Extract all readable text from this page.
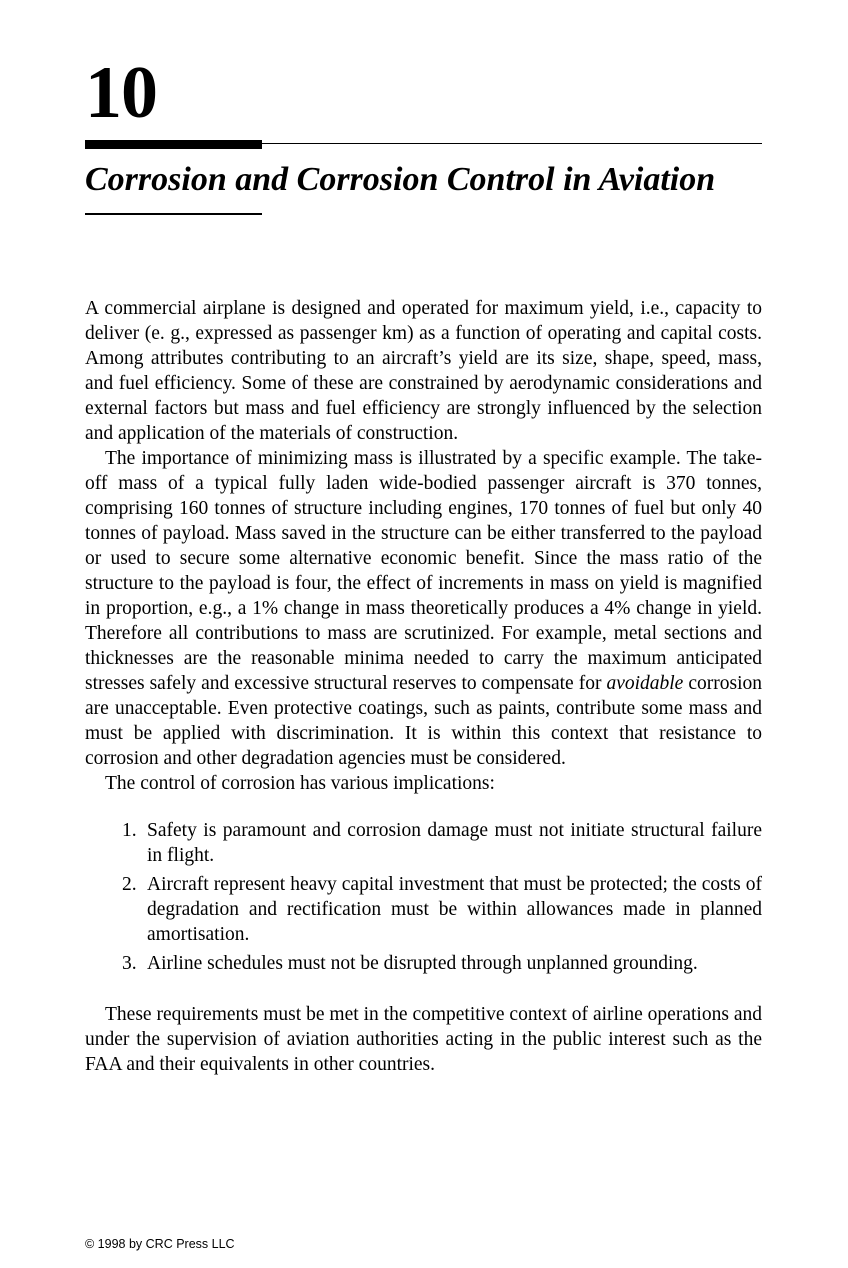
10
Corrosion and Corrosion Control in Aviation

A commercial airplane is designed and operated for maximum yield, i.e., capacity to deliver (e. g., expressed as passenger km) as a function of operating and capital costs. Among attributes contributing to an aircraft’s yield are its size, shape, speed, mass, and fuel efficiency. Some of these are constrained by aerodynamic considerations and external factors but mass and fuel efficiency are strongly influenced by the selection and application of the materials of construction.

The importance of minimizing mass is illustrated by a specific example. The take-off mass of a typical fully laden wide-bodied passenger aircraft is 370 tonnes, comprising 160 tonnes of structure including engines, 170 tonnes of fuel but only 40 tonnes of payload. Mass saved in the structure can be either transferred to the payload or used to secure some alternative economic benefit. Since the mass ratio of the structure to the payload is four, the effect of increments in mass on yield is magnified in proportion, e.g., a 1% change in mass theoretically produces a 4% change in yield. Therefore all contributions to mass are scrutinized. For example, metal sections and thicknesses are the reasonable minima needed to carry the maximum anticipated stresses safely and excessive structural reserves to compensate for avoidable corrosion are unacceptable. Even protective coatings, such as paints, contribute some mass and must be applied with discrimination. It is within this context that resistance to corrosion and other degradation agencies must be considered.

The control of corrosion has various implications:

Safety is paramount and corrosion damage must not initiate structural failure in flight.
Aircraft represent heavy capital investment that must be protected; the costs of degradation and rectification must be within allowances made in planned amortisation.
Airline schedules must not be disrupted through unplanned grounding.

These requirements must be met in the competitive context of airline operations and under the supervision of aviation authorities acting in the public interest such as the FAA and their equivalents in other countries.

© 1998 by CRC Press LLC
